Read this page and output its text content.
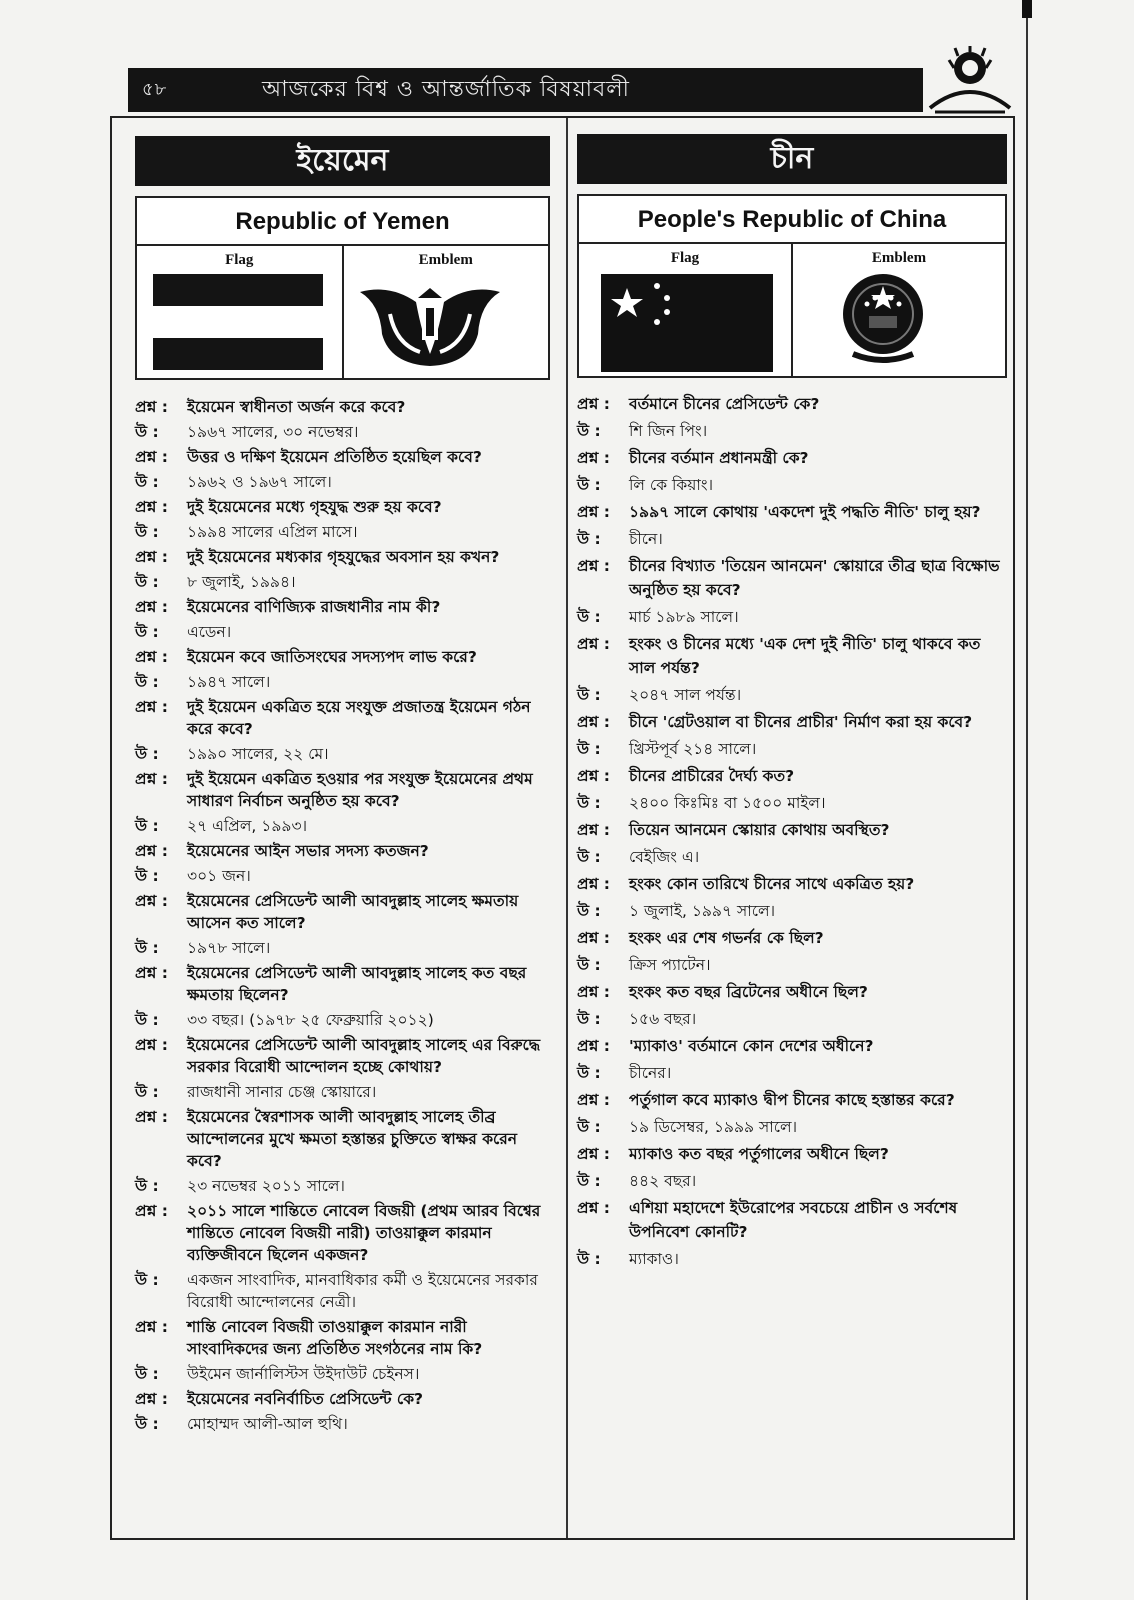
৫৮	আজকের বিশ্ব ও আন্তর্জাতিক বিষয়াবলী
ইয়েমেন
Republic of Yemen
Flag	Emblem
প্রশ্ন :	ইয়েমেন স্বাধীনতা অর্জন করে কবে?
উ :	১৯৬৭ সালের, ৩০ নভেম্বর।
প্রশ্ন :	উত্তর ও দক্ষিণ ইয়েমেন প্রতিষ্ঠিত হয়েছিল কবে?
উ :	১৯৬২ ও ১৯৬৭ সালে।
প্রশ্ন :	দুই ইয়েমেনের মধ্যে গৃহযুদ্ধ শুরু হয় কবে?
উ :	১৯৯৪ সালের এপ্রিল মাসে।
প্রশ্ন :	দুই ইয়েমেনের মধ্যকার গৃহযুদ্ধের অবসান হয় কখন?
উ :	৮ জুলাই, ১৯৯৪।
প্রশ্ন :	ইয়েমেনের বাণিজ্যিক রাজধানীর নাম কী?
উ :	এডেন।
প্রশ্ন :	ইয়েমেন কবে জাতিসংঘের সদস্যপদ লাভ করে?
উ :	১৯৪৭ সালে।
প্রশ্ন :	দুই ইয়েমেন একত্রিত হয়ে সংযুক্ত প্রজাতন্ত্র ইয়েমেন গঠন করে কবে?
উ :	১৯৯০ সালের, ২২ মে।
প্রশ্ন :	দুই ইয়েমেন একত্রিত হওয়ার পর সংযুক্ত ইয়েমেনের প্রথম সাধারণ নির্বাচন অনুষ্ঠিত হয় কবে?
উ :	২৭ এপ্রিল, ১৯৯৩।
প্রশ্ন :	ইয়েমেনের আইন সভার সদস্য কতজন?
উ :	৩০১ জন।
প্রশ্ন :	ইয়েমেনের প্রেসিডেন্ট আলী আবদুল্লাহ সালেহ ক্ষমতায় আসেন কত সালে?
উ :	১৯৭৮ সালে।
প্রশ্ন :	ইয়েমেনের প্রেসিডেন্ট আলী আবদুল্লাহ সালেহ কত বছর ক্ষমতায় ছিলেন?
উ :	৩৩ বছর। (১৯৭৮ ২৫ ফেব্রুয়ারি ২০১২)
প্রশ্ন :	ইয়েমেনের প্রেসিডেন্ট আলী আবদুল্লাহ সালেহ এর বিরুদ্ধে সরকার বিরোধী আন্দোলন হচ্ছে কোথায়?
উ :	রাজধানী সানার চেঞ্জ স্কোয়ারে।
প্রশ্ন :	ইয়েমেনের স্বৈরশাসক আলী আবদুল্লাহ সালেহ তীব্র আন্দোলনের মুখে ক্ষমতা হস্তান্তর চুক্তিতে স্বাক্ষর করেন কবে?
উ :	২৩ নভেম্বর ২০১১ সালে।
প্রশ্ন :	২০১১ সালে শান্তিতে নোবেল বিজয়ী (প্রথম আরব বিশ্বের শান্তিতে নোবেল বিজয়ী নারী) তাওয়াক্কুল কারমান ব্যক্তিজীবনে ছিলেন একজন?
উ :	একজন সাংবাদিক, মানবাধিকার কর্মী ও ইয়েমেনের সরকার বিরোধী আন্দোলনের নেত্রী।
প্রশ্ন :	শান্তি নোবেল বিজয়ী তাওয়াক্কুল কারমান নারী সাংবাদিকদের জন্য প্রতিষ্ঠিত সংগঠনের নাম কি?
উ :	উইমেন জার্নালিস্টস উইদাউট চেইনস।
প্রশ্ন :	ইয়েমেনের নবনির্বাচিত প্রেসিডেন্ট কে?
উ :	মোহাম্মদ আলী-আল হুথি।
চীন
People's Republic of China
Flag	Emblem
প্রশ্ন :	বর্তমানে চীনের প্রেসিডেন্ট কে?
উ :	শি জিন পিং।
প্রশ্ন :	চীনের বর্তমান প্রধানমন্ত্রী কে?
উ :	লি কে কিয়াং।
প্রশ্ন :	১৯৯৭ সালে কোথায় 'একদেশ দুই পদ্ধতি নীতি' চালু হয়?
উ :	চীনে।
প্রশ্ন :	চীনের বিখ্যাত 'তিয়েন আনমেন' স্কোয়ারে তীব্র ছাত্র বিক্ষোভ অনুষ্ঠিত হয় কবে?
উ :	মার্চ ১৯৮৯ সালে।
প্রশ্ন :	হংকং ও চীনের মধ্যে 'এক দেশ দুই নীতি' চালু থাকবে কত সাল পর্যন্ত?
উ :	২০৪৭ সাল পর্যন্ত।
প্রশ্ন :	চীনে 'গ্রেটওয়াল বা চীনের প্রাচীর' নির্মাণ করা হয় কবে?
উ :	খ্রিস্টপূর্ব ২১৪ সালে।
প্রশ্ন :	চীনের প্রাচীরের দৈর্ঘ্য কত?
উ :	২৪০০ কিঃমিঃ বা ১৫০০ মাইল।
প্রশ্ন :	তিয়েন আনমেন স্কোয়ার কোথায় অবস্থিত?
উ :	বেইজিং এ।
প্রশ্ন :	হংকং কোন তারিখে চীনের সাথে একত্রিত হয়?
উ :	১ জুলাই, ১৯৯৭ সালে।
প্রশ্ন :	হংকং এর শেষ গভর্নর কে ছিল?
উ :	ক্রিস প্যাটেন।
প্রশ্ন :	হংকং কত বছর ব্রিটেনের অধীনে ছিল?
উ :	১৫৬ বছর।
প্রশ্ন :	'ম্যাকাও' বর্তমানে কোন দেশের অধীনে?
উ :	চীনের।
প্রশ্ন :	পর্তুগাল কবে ম্যাকাও দ্বীপ চীনের কাছে হস্তান্তর করে?
উ :	১৯ ডিসেম্বর, ১৯৯৯ সালে।
প্রশ্ন :	ম্যাকাও কত বছর পর্তুগালের অধীনে ছিল?
উ :	৪৪২ বছর।
প্রশ্ন :	এশিয়া মহাদেশে ইউরোপের সবচেয়ে প্রাচীন ও সর্বশেষ উপনিবেশ কোনটি?
উ :	ম্যাকাও।
